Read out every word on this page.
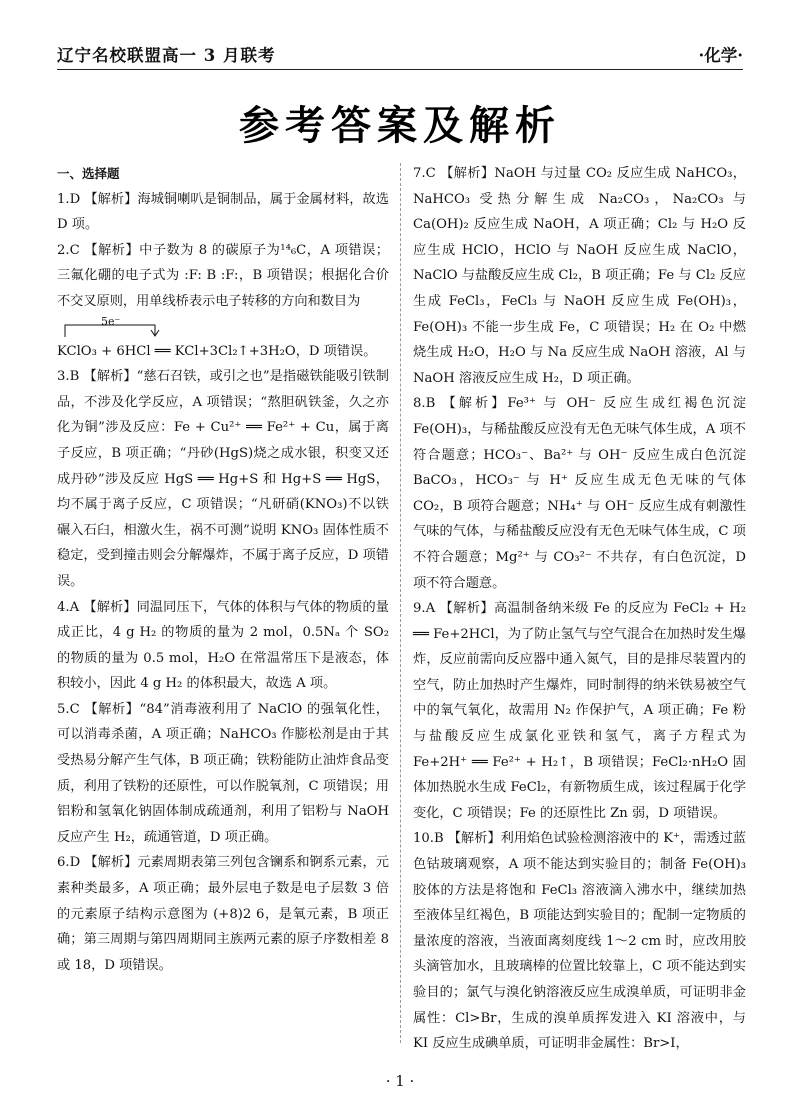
辽宁名校联盟高一 3 月联考	·化学·
参考答案及解析
一、选择题

1.D 【解析】海城铜喇叭是铜制品，属于金属材料，故选 D 项。

2.C 【解析】中子数为 8 的碳原子为¹⁴₆C，A 项错误；三氟化硼的电子式为 :F: B :F:，B 项错误；根据化合价不交叉原则，用单线桥表示电子转移的方向和数目为

5e⁻

KClO₃ + 6HCl ══ KCl+3Cl₂↑+3H₂O，D 项错误。

3.B 【解析】“慈石召铁，或引之也”是指磁铁能吸引铁制品，不涉及化学反应，A 项错误；“熬胆矾铁釜，久之亦化为铜”涉及反应：Fe + Cu²⁺ ══ Fe²⁺ + Cu，属于离子反应，B 项正确；“丹砂(HgS)烧之成水银，积变又还成丹砂”涉及反应 HgS ══ Hg+S 和 Hg+S ══ HgS，均不属于离子反应，C 项错误；“凡研硝(KNO₃)不以铁碾入石臼，相激火生，祸不可测”说明 KNO₃ 固体性质不稳定，受到撞击则会分解爆炸，不属于离子反应，D 项错误。

4.A 【解析】同温同压下，气体的体积与气体的物质的量成正比，4 g H₂ 的物质的量为 2 mol，0.5Nₐ 个 SO₂ 的物质的量为 0.5 mol，H₂O 在常温常压下是液态，体积较小，因此 4 g H₂ 的体积最大，故选 A 项。

5.C 【解析】“84”消毒液利用了 NaClO 的强氧化性，可以消毒杀菌，A 项正确；NaHCO₃ 作膨松剂是由于其受热易分解产生气体，B 项正确；铁粉能防止油炸食品变质，利用了铁粉的还原性，可以作脱氧剂，C 项错误；用铝粉和氢氧化钠固体制成疏通剂，利用了铝粉与 NaOH 反应产生 H₂，疏通管道，D 项正确。

6.D 【解析】元素周期表第三列包含镧系和锕系元素，元素种类最多，A 项正确；最外层电子数是电子层数 3 倍的元素原子结构示意图为 (+8)2 6，是氧元素，B 项正确；第三周期与第四周期同主族两元素的原子序数相差 8 或 18，D 项错误。

7.C 【解析】NaOH 与过量 CO₂ 反应生成 NaHCO₃，NaHCO₃ 受热分解生成 Na₂CO₃，Na₂CO₃ 与 Ca(OH)₂ 反应生成 NaOH，A 项正确；Cl₂ 与 H₂O 反应生成 HClO，HClO 与 NaOH 反应生成 NaClO，NaClO 与盐酸反应生成 Cl₂，B 项正确；Fe 与 Cl₂ 反应生成 FeCl₃，FeCl₃ 与 NaOH 反应生成 Fe(OH)₃，Fe(OH)₃ 不能一步生成 Fe，C 项错误；H₂ 在 O₂ 中燃烧生成 H₂O，H₂O 与 Na 反应生成 NaOH 溶液，Al 与 NaOH 溶液反应生成 H₂，D 项正确。

8.B 【解析】Fe³⁺ 与 OH⁻ 反应生成红褐色沉淀 Fe(OH)₃，与稀盐酸反应没有无色无味气体生成，A 项不符合题意；HCO₃⁻、Ba²⁺ 与 OH⁻ 反应生成白色沉淀 BaCO₃，HCO₃⁻ 与 H⁺ 反应生成无色无味的气体 CO₂，B 项符合题意；NH₄⁺ 与 OH⁻ 反应生成有刺激性气味的气体，与稀盐酸反应没有无色无味气体生成，C 项不符合题意；Mg²⁺ 与 CO₃²⁻ 不共存，有白色沉淀，D 项不符合题意。

9.A 【解析】高温制备纳米级 Fe 的反应为 FeCl₂ + H₂ ══ Fe+2HCl，为了防止氢气与空气混合在加热时发生爆炸，反应前需向反应器中通入氮气，目的是排尽装置内的空气，防止加热时产生爆炸，同时制得的纳米铁易被空气中的氧气氧化，故需用 N₂ 作保护气，A 项正确；Fe 粉与盐酸反应生成氯化亚铁和氢气，离子方程式为 Fe+2H⁺ ══ Fe²⁺ + H₂↑，B 项错误；FeCl₂·nH₂O 固体加热脱水生成 FeCl₂，有新物质生成，该过程属于化学变化，C 项错误；Fe 的还原性比 Zn 弱，D 项错误。

10.B 【解析】利用焰色试验检测溶液中的 K⁺，需透过蓝色钴玻璃观察，A 项不能达到实验目的；制备 Fe(OH)₃ 胶体的方法是将饱和 FeCl₃ 溶液滴入沸水中，继续加热至液体呈红褐色，B 项能达到实验目的；配制一定物质的量浓度的溶液，当液面离刻度线 1～2 cm 时，应改用胶头滴管加水，且玻璃棒的位置比较靠上，C 项不能达到实验目的；氯气与溴化钠溶液反应生成溴单质，可证明非金属性：Cl>Br，生成的溴单质挥发进入 KI 溶液中，与 KI 反应生成碘单质，可证明非金属性：Br>I，

· 1 ·
